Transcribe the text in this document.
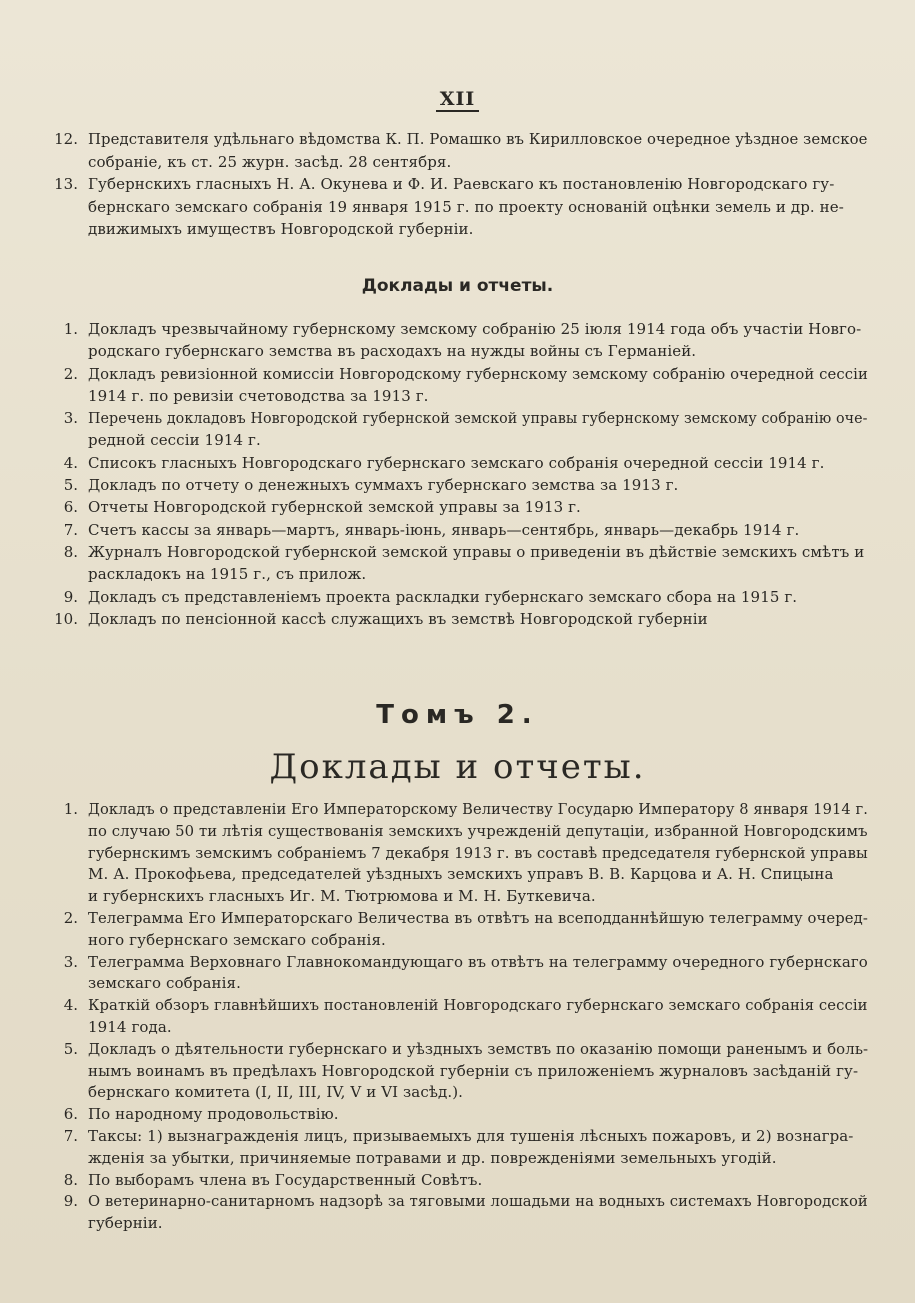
XII
12. Представителя удѣльнаго вѣдомства К. П. Ромашко въ Кирилловское очередное уѣздное земское
собраніе, къ ст. 25 журн. засѣд. 28 сентября.
13. Губернскихъ гласныхъ Н. А. Окунева и Ф. И. Раевскаго къ постановленію Новгородскаго гу-
бернскаго земскаго собранія 19 января 1915 г. по проекту основаній оцѣнки земель и др. не-
движимыхъ имуществъ Новгородской губерніи.
Доклады и отчеты.
1. Докладъ чрезвычайному губернскому земскому собранію 25 іюля 1914 года объ участіи Новго-
родскаго губернскаго земства въ расходахъ на нужды войны съ Германіей.
2. Докладъ ревизіонной комиссіи Новгородскому губернскому земскому собранію очередной сессіи
1914 г. по ревизіи счетоводства за 1913 г.
3. Перечень докладовъ Новгородской губернской земской управы губернскому земскому собранію оче-
редной сессіи 1914 г.
4. Списокъ гласныхъ Новгородскаго губернскаго земскаго собранія очередной сессіи 1914 г.
5. Докладъ по отчету о денежныхъ суммахъ губернскаго земства за 1913 г.
6. Отчеты Новгородской губернской земской управы за 1913 г.
7. Счетъ кассы за январь—мартъ, январь-іюнь, январь—сентябрь, январь—декабрь 1914 г.
8. Журналъ Новгородской губернской земской управы о приведеніи въ дѣйствіе земскихъ смѣтъ и
раскладокъ на 1915 г., съ прилож.
9. Докладъ съ представленіемъ проекта раскладки губернскаго земскаго сбора на 1915 г.
10. Докладъ по пенсіонной кассѣ служащихъ въ земствѣ Новгородской губерніи
Томъ 2.
Доклады и отчеты.
1. Докладъ о представленіи Его Императорскому Величеству Государю Императору 8 января 1914 г.
по случаю 50 ти лѣтія существованія земскихъ учрежденій депутаціи, избранной Новгородскимъ
губернскимъ земскимъ собраніемъ 7 декабря 1913 г. въ составѣ председателя губернской управы
М. А. Прокофьева, председателей уѣздныхъ земскихъ управъ В. В. Карцова и А. Н. Спицына
и губернскихъ гласныхъ Иг. М. Тютрюмова и М. Н. Буткевича.
2. Телеграмма Его Императорскаго Величества въ отвѣтъ на всеподданнѣйшую телеграмму очеред-
ного губернскаго земскаго собранія.
3. Телеграмма Верховнаго Главнокомандующаго въ отвѣтъ на телеграмму очередного губернскаго
земскаго собранія.
4. Краткій обзоръ главнѣйшихъ постановленій Новгородскаго губернскаго земскаго собранія сессіи
1914 года.
5. Докладъ о дѣятельности губернскаго и уѣздныхъ земствъ по оказанію помощи раненымъ и боль-
нымъ воинамъ въ предѣлахъ Новгородской губерніи съ приложеніемъ журналовъ засѣданій гу-
бернскаго комитета (I, II, III, IV, V и VI засѣд.).
6. По народному продовольствію.
7. Таксы: 1) вызнагражденія лицъ, призываемыхъ для тушенія лѣсныхъ пожаровъ, и 2) вознагра-
жденія за убытки, причиняемые потравами и др. поврежденіями земельныхъ угодій.
8. По выборамъ члена въ Государственный Совѣтъ.
9. О ветеринарно-санитарномъ надзорѣ за тяговыми лошадьми на водныхъ системахъ Новгородской
губерніи.
